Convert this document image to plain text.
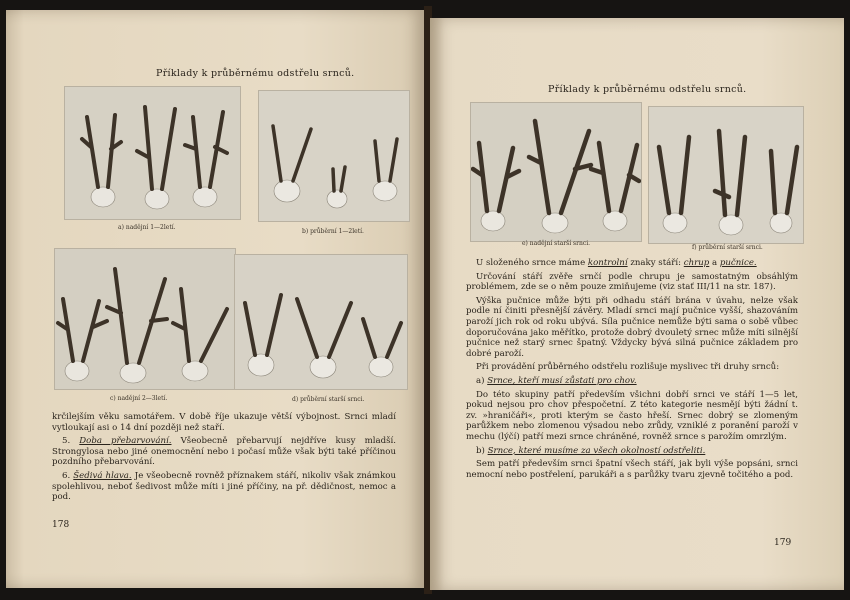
Příklady k průběrnému odstřelu srnců.
a) nadějní 1—2letí.
b) průběrní 1—2letí.
c) nadějní 2—3letí.	d) průběrní starší srnci.

krčilejším věku samotářem. V době říje ukazuje větší výbojnost. Srnci mladí vytloukají asi o 14 dní později než staří.

5. Doba přebarvování. Všeobecně přebarvují nejdříve kusy mladší. Strongylosa nebo jiné onemocnění nebo i počasí může však býti také příčinou pozdního přebarvování.

6. Šedivá hlava. Je všeobecně rovněž příznakem stáří, nikoliv však známkou spolehlivou, neboť šedivost může míti i jiné příčiny, na př. dědičnost, nemoc a pod.

178
Příklady k průběrnému odstřelu srnců.
e) nadějní starší srnci.
f) průběrní starší srnci.

U složeného srnce máme kontrolní znaky stáří: chrup a pučnice.

Určování stáří zvěře srnčí podle chrupu je samostatným obsáhlým problémem, zde se o něm pouze zmiňujeme (viz stať III/11 na str. 187).

Výška pučnice může býti při odhadu stáří brána v úvahu, nelze však podle ní činiti přesnější závěry. Mladí srnci mají pučnice vyšší, shazováním paroží jich rok od roku ubývá. Síla pučnice nemůže býti sama o sobě vůbec doporučována jako měřítko, protože dobrý dvouletý srnec může míti silnější pučnice než starý srnec špatný. Vždycky bývá silná pučnice základem pro dobré paroží.

Při provádění průběrného odstřelu rozlišuje myslivec tři druhy srnců:

a) Srnce, kteří musí zůstati pro chov.

Do této skupiny patří především všichni dobří srnci ve stáří 1—5 let, pokud nejsou pro chov přespočetní. Z této kategorie nesmějí býti žádní t. zv. »hraničáři«, proti kterým se často hřeší. Srnec dobrý se zlomeným parůžkem nebo zlomenou výsadou nebo zrůdy, vzniklé z poranění paroží v mechu (lýčí) patří mezi srnce chráněné, rovněž srnce s parožím omrzlým.

b) Srnce, které musíme za všech okolností odstřeliti.

Sem patří především srnci špatní všech stáří, jak byli výše popsáni, srnci nemocní nebo postřelení, parukáři a s parůžky tvaru zjevně točitého a pod.

179
